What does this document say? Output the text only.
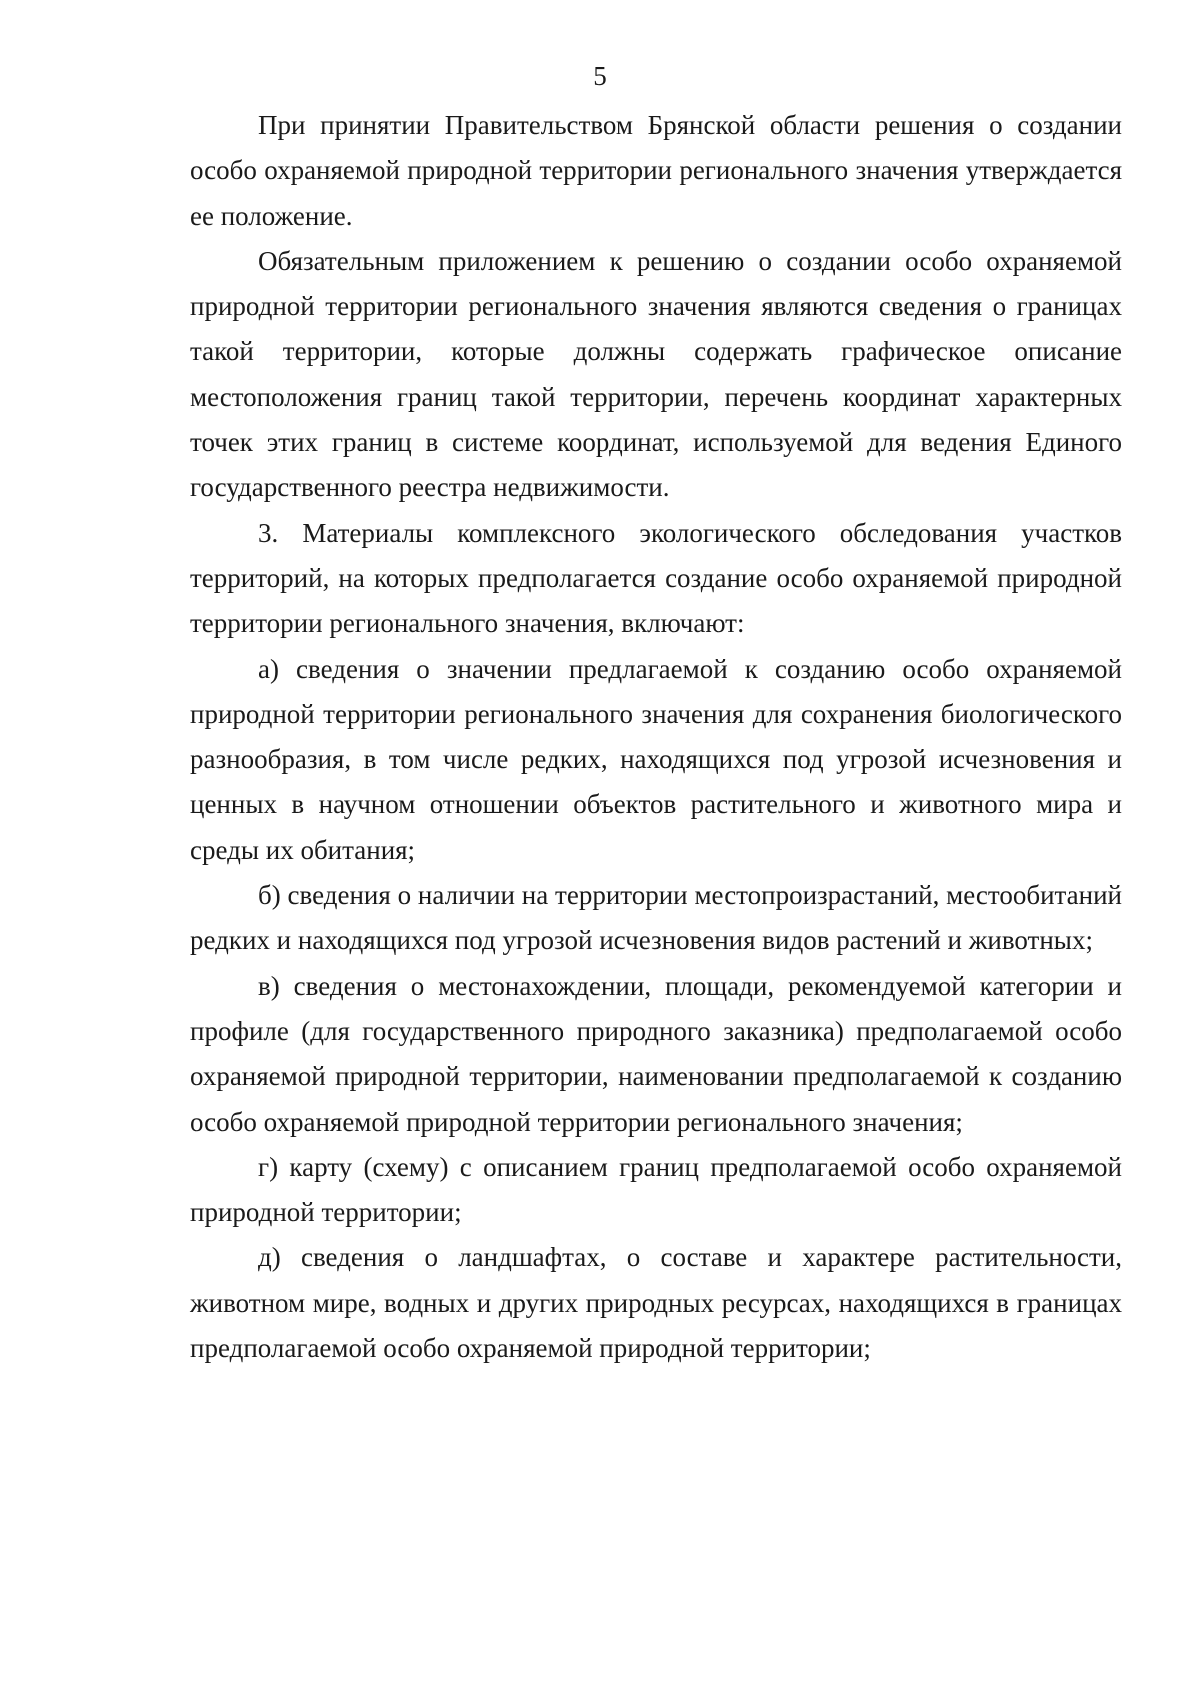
5

При принятии Правительством Брянской области решения о создании особо охраняемой природной территории регионального значения утверждается ее положение.

Обязательным приложением к решению о создании особо охраняемой природной территории регионального значения являются сведения о границах такой территории, которые должны содержать графическое описание местоположения границ такой территории, перечень координат характерных точек этих границ в системе координат, используемой для ведения Единого государственного реестра недвижимости.

3. Материалы комплексного экологического обследования участков территорий, на которых предполагается создание особо охраняемой природной территории регионального значения, включают:

а) сведения о значении предлагаемой к созданию особо охраняемой природной территории регионального значения для сохранения биологического разнообразия, в том числе редких, находящихся под угрозой исчезновения и ценных в научном отношении объектов растительного и животного мира и среды их обитания;

б) сведения о наличии на территории местопроизрастаний, местообитаний редких и находящихся под угрозой исчезновения видов растений и животных;

в) сведения о местонахождении, площади, рекомендуемой категории и профиле (для государственного природного заказника) предполагаемой особо охраняемой природной территории, наименовании предполагаемой к созданию особо охраняемой природной территории регионального значения;

г) карту (схему) с описанием границ предполагаемой особо охраняемой природной территории;

д) сведения о ландшафтах, о составе и характере растительности, животном мире, водных и других природных ресурсах, находящихся в границах предполагаемой особо охраняемой природной территории;
